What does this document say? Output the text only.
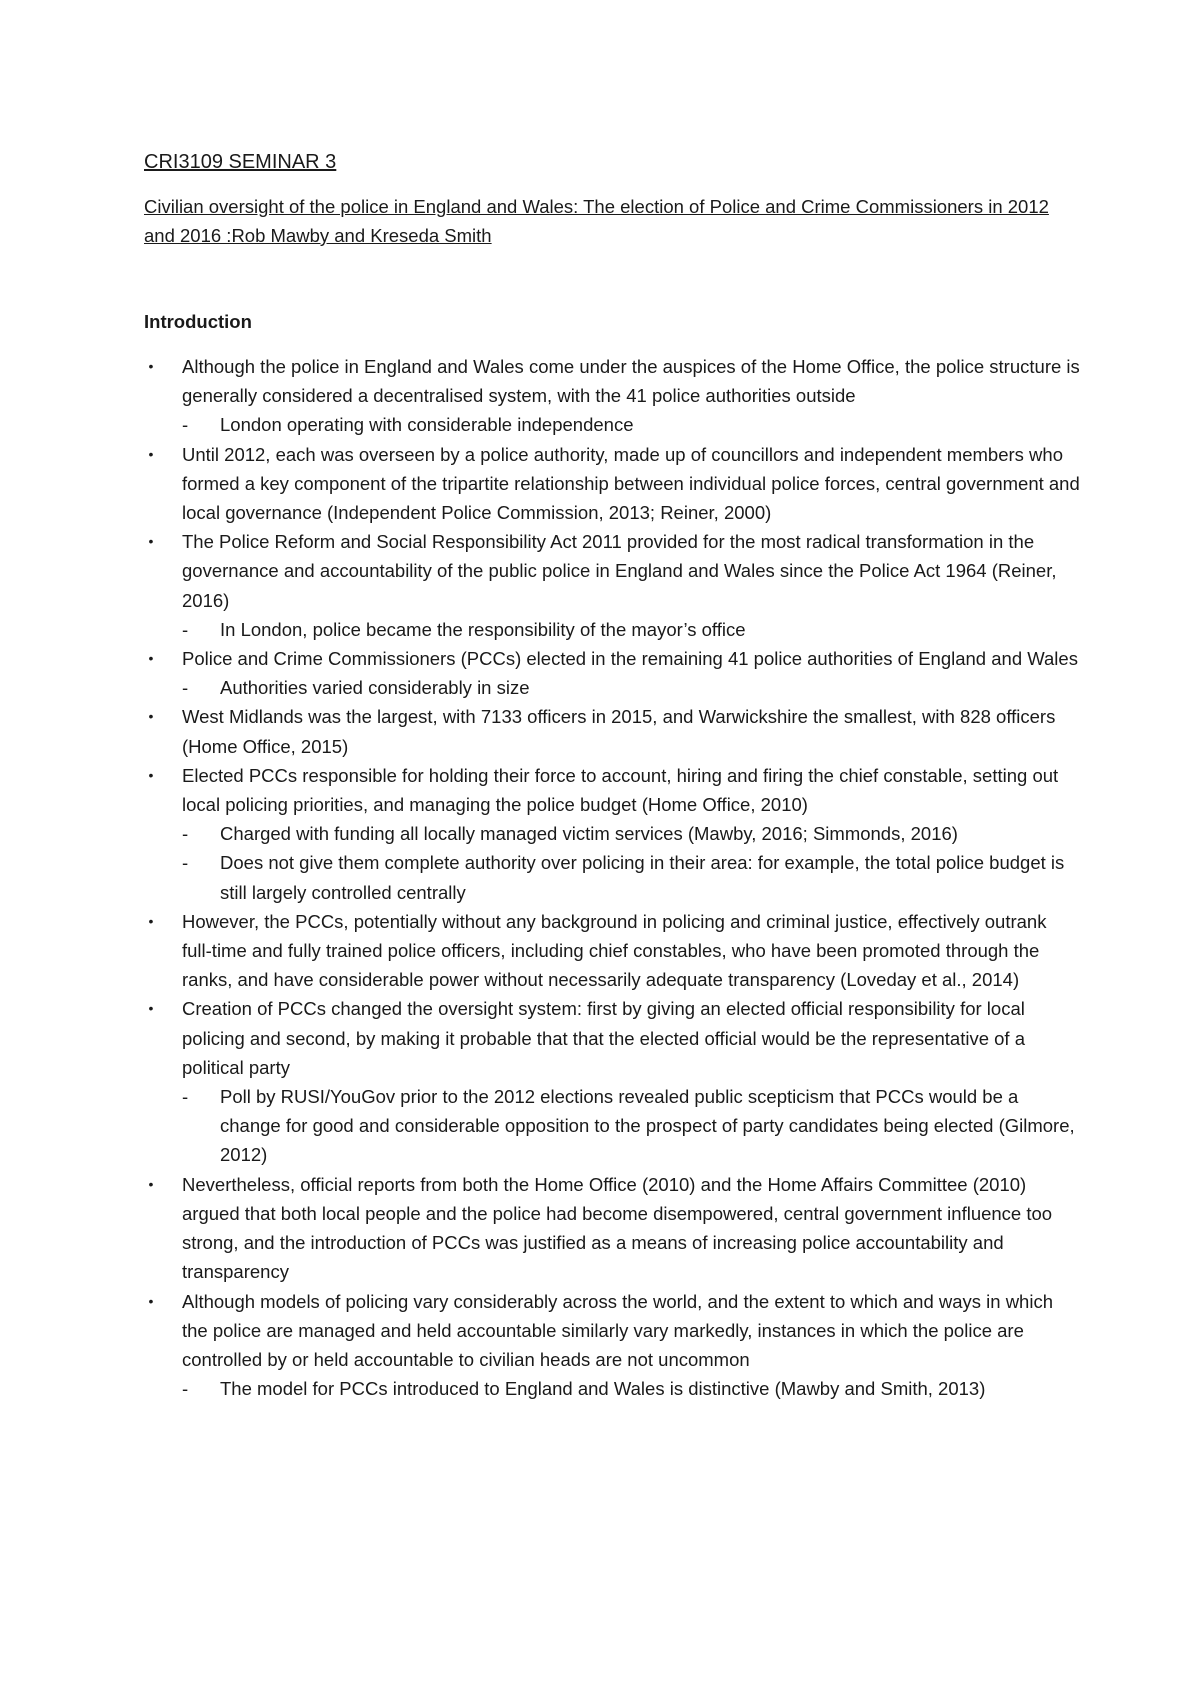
CRI3109 SEMINAR 3
Civilian oversight of the police in England and Wales: The election of Police and Crime Commissioners in 2012 and 2016 :Rob Mawby and Kreseda Smith
Introduction
• Although the police in England and Wales come under the auspices of the Home Office, the police structure is generally considered a decentralised system, with the 41 police authorities outside
- London operating with considerable independence
• Until 2012, each was overseen by a police authority, made up of councillors and independent members who formed a key component of the tripartite relationship between individual police forces, central government and local governance (Independent Police Commission, 2013; Reiner, 2000)
• The Police Reform and Social Responsibility Act 2011 provided for the most radical transformation in the governance and accountability of the public police in England and Wales since the Police Act 1964 (Reiner, 2016)
- In London, police became the responsibility of the mayor’s office
• Police and Crime Commissioners (PCCs) elected in the remaining 41 police authorities of England and Wales
- Authorities varied considerably in size
• West Midlands was the largest, with 7133 officers in 2015, and Warwickshire the smallest, with 828 officers (Home Office, 2015)
• Elected PCCs responsible for holding their force to account, hiring and firing the chief constable, setting out local policing priorities, and managing the police budget (Home Office, 2010)
- Charged with funding all locally managed victim services (Mawby, 2016; Simmonds, 2016)
- Does not give them complete authority over policing in their area: for example, the total police budget is still largely controlled centrally
• However, the PCCs, potentially without any background in policing and criminal justice, effectively outrank full-time and fully trained police officers, including chief constables, who have been promoted through the ranks, and have considerable power without necessarily adequate transparency (Loveday et al., 2014)
• Creation of PCCs changed the oversight system: first by giving an elected official responsibility for local policing and second, by making it probable that that the elected official would be the representative of a political party
- Poll by RUSI/YouGov prior to the 2012 elections revealed public scepticism that PCCs would be a change for good and considerable opposition to the prospect of party candidates being elected (Gilmore, 2012)
• Nevertheless, official reports from both the Home Office (2010) and the Home Affairs Committee (2010) argued that both local people and the police had become disempowered, central government influence too strong, and the introduction of PCCs was justified as a means of increasing police accountability and transparency
• Although models of policing vary considerably across the world, and the extent to which and ways in which the police are managed and held accountable similarly vary markedly, instances in which the police are controlled by or held accountable to civilian heads are not uncommon
- The model for PCCs introduced to England and Wales is distinctive (Mawby and Smith, 2013)
